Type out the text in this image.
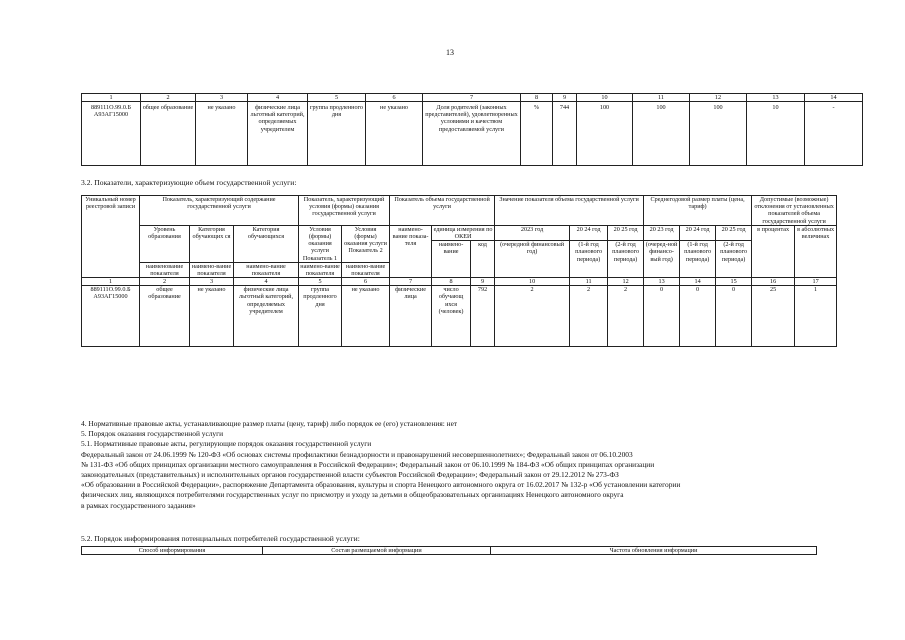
13
1	2	3	4	5	6	7	8	9	10	11	12	13	14
889111О.99.0.Б А93АГ15000	общее образование	не указано	физические лица льготный категорий, определяемых учредителем	группа продленного дня	не указано	Доля родителей (законных представителей), удовлетворенных условиями и качеством предоставляемой услуги	%	744	100	100	100	10	-
3.2. Показатели, характеризующие объем государственной услуги:
Уникальный номер реестровой записи	Показатель, характеризующий содержание государственной услуги			Показатель, характеризующий условия (формы) оказания государственной услуги		Показатель объема государственной услуги			Значение показателя объема государственной услуги			Среднегодовой размер платы (цена, тариф)			Допустимые (возможные) отклонения от установленных показателей объема государственной услуги	
	Уровень образования	Категория обучающих ся	Категория обучающихся	Условия (формы) оказания услуги Показатель 1	Условия (формы) оказания услуги Показатель 2	наимено-вание показа-теля	единица измерения по ОКЕИ		2023 год	20 24 год	20 25 год	20 23 год	20 24 год	20 25 год	в процентах	в абсолютных величинах
							наимено-вание	код	(очередной финансовый год)	(1-й год планового периода)	(2-й год планового периода)	(очеред-ной финансо-вый год)	(1-й год планового периода)	(2-й год планового периода)		
	наименование показателя	наимено-вание показателя	наимено-вание показателя	наимено-вание показателя	наимено-вание показателя											
1	2	3	4	5	6	7	8	9	10	11	12	13	14	15	16	17
889111О.99.0.Б А93АГ15000	общее образование	не указано	физические лица льготный категорий, определяемых учредителем	группа продленного дня	не указано	физические лица	число обучающ ихся (человек)	792	2	2	2	0	0	0	25	1

4. Нормативные правовые акты, устанавливающие размер платы (цену, тариф) либо порядок ее (его) установления: нет

5. Порядок оказания государственной услуги

5.1. Нормативные правовые акты, регулирующие порядок оказания государственной услуги

Федеральный закон от 24.06.1999 № 120-ФЗ «Об основах системы профилактики безнадзорности и правонарушений несовершеннолетних»; Федеральный закон от 06.10.2003

№ 131-ФЗ «Об общих принципах организации местного самоуправления в Российской Федерации»; Федеральный закон от 06.10.1999 № 184-ФЗ «Об общих принципах организации

законодательных (представительных) и исполнительных органов государственной власти субъектов Российской Федерации»; Федеральный закон от 29.12.2012 № 273-ФЗ

«Об образовании в Российской Федерации», распоряжение Департамента образования, культуры и спорта Ненецкого автономного округа от 16.02.2017 № 132-р «Об установлении категории

физических лиц, являющихся потребителями государственных услуг по присмотру и уходу за детьми в общеобразовательных организациях Ненецкого автономного округа

в рамках государственного задания»

5.2. Порядок информирования потенциальных потребителей государственной услуги:
Способ информирования	Состав размещаемой информации	Частота обновления информации
